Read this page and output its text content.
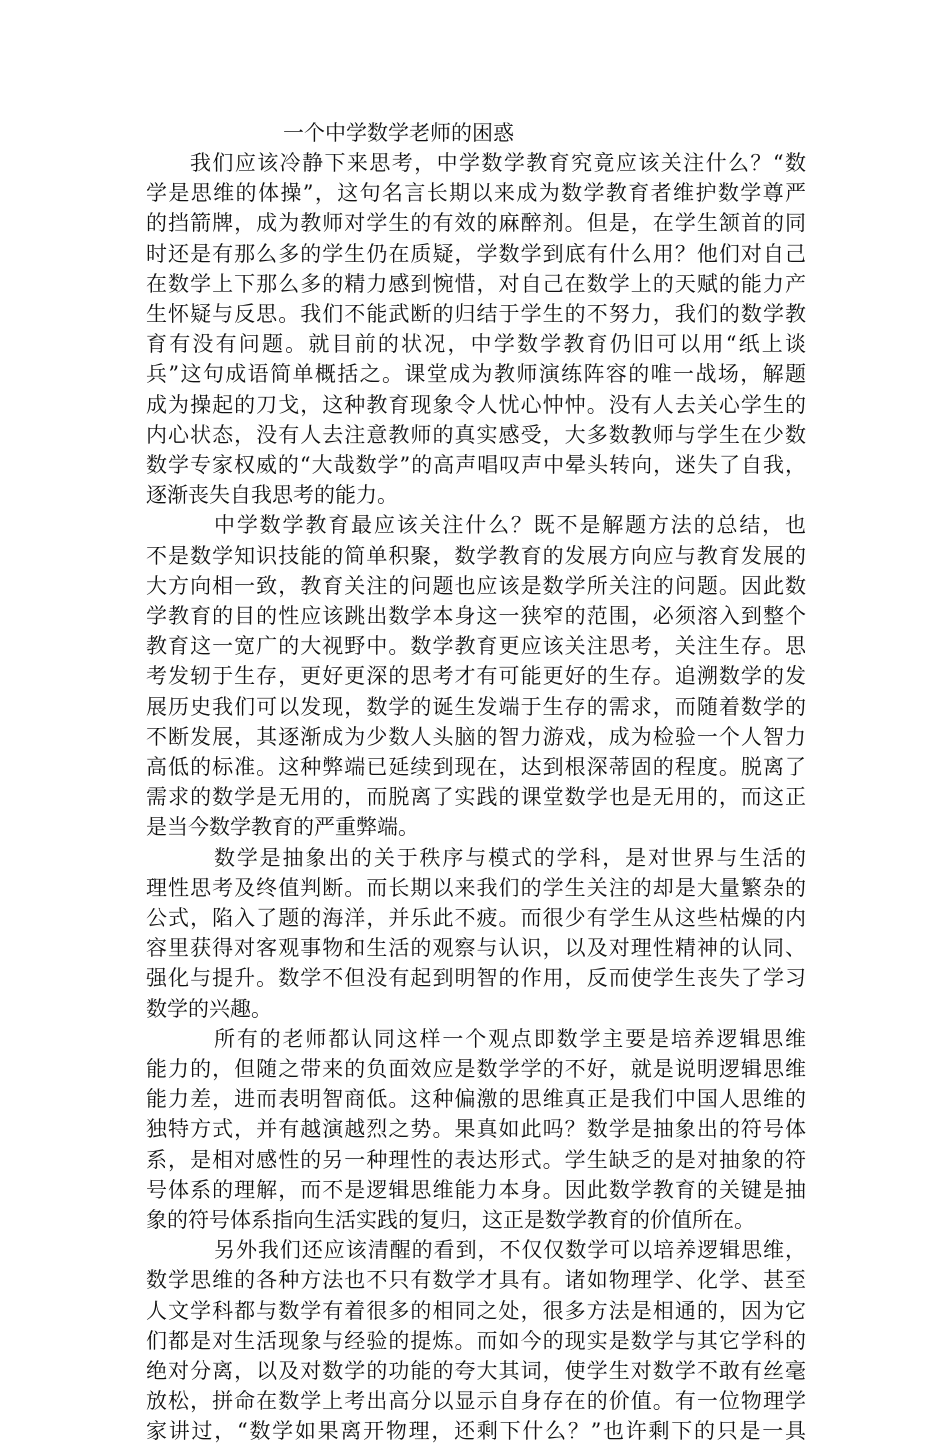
一个中学数学老师的困惑
我们应该冷静下来思考，中学数学教育究竟应该关注什么？“数
学是思维的体操”，这句名言长期以来成为数学教育者维护数学尊严
的挡箭牌，成为教师对学生的有效的麻醉剂。但是，在学生颔首的同
时还是有那么多的学生仍在质疑，学数学到底有什么用？他们对自己
在数学上下那么多的精力感到惋惜，对自己在数学上的天赋的能力产
生怀疑与反思。我们不能武断的归结于学生的不努力，我们的数学教
育有没有问题。就目前的状况，中学数学教育仍旧可以用“纸上谈
兵”这句成语简单概括之。课堂成为教师演练阵容的唯一战场，解题
成为操起的刀戈，这种教育现象令人忧心忡忡。没有人去关心学生的
内心状态，没有人去注意教师的真实感受，大多数教师与学生在少数
数学专家权威的“大哉数学”的高声唱叹声中晕头转向，迷失了自我，
逐渐丧失自我思考的能力。
中学数学教育最应该关注什么？既不是解题方法的总结，也
不是数学知识技能的简单积聚，数学教育的发展方向应与教育发展的
大方向相一致，教育关注的问题也应该是数学所关注的问题。因此数
学教育的目的性应该跳出数学本身这一狭窄的范围，必须溶入到整个
教育这一宽广的大视野中。数学教育更应该关注思考，关注生存。思
考发轫于生存，更好更深的思考才有可能更好的生存。追溯数学的发
展历史我们可以发现，数学的诞生发端于生存的需求，而随着数学的
不断发展，其逐渐成为少数人头脑的智力游戏，成为检验一个人智力
高低的标准。这种弊端已延续到现在，达到根深蒂固的程度。脱离了
需求的数学是无用的，而脱离了实践的课堂数学也是无用的，而这正
是当今数学教育的严重弊端。
数学是抽象出的关于秩序与模式的学科，是对世界与生活的
理性思考及终值判断。而长期以来我们的学生关注的却是大量繁杂的
公式，陷入了题的海洋，并乐此不疲。而很少有学生从这些枯燥的内
容里获得对客观事物和生活的观察与认识，以及对理性精神的认同、
强化与提升。数学不但没有起到明智的作用，反而使学生丧失了学习
数学的兴趣。
所有的老师都认同这样一个观点即数学主要是培养逻辑思维
能力的，但随之带来的负面效应是数学学的不好，就是说明逻辑思维
能力差，进而表明智商低。这种偏激的思维真正是我们中国人思维的
独特方式，并有越演越烈之势。果真如此吗？数学是抽象出的符号体
系，是相对感性的另一种理性的表达形式。学生缺乏的是对抽象的符
号体系的理解，而不是逻辑思维能力本身。因此数学教育的关键是抽
象的符号体系指向生活实践的复归，这正是数学教育的价值所在。
另外我们还应该清醒的看到，不仅仅数学可以培养逻辑思维，
数学思维的各种方法也不只有数学才具有。诸如物理学、化学、甚至
人文学科都与数学有着很多的相同之处，很多方法是相通的，因为它
们都是对生活现象与经验的提炼。而如今的现实是数学与其它学科的
绝对分离，以及对数学的功能的夸大其词，使学生对数学不敢有丝毫
放松，拼命在数学上考出高分以显示自身存在的价值。有一位物理学
家讲过，“数学如果离开物理，还剩下什么？”也许剩下的只是一具
